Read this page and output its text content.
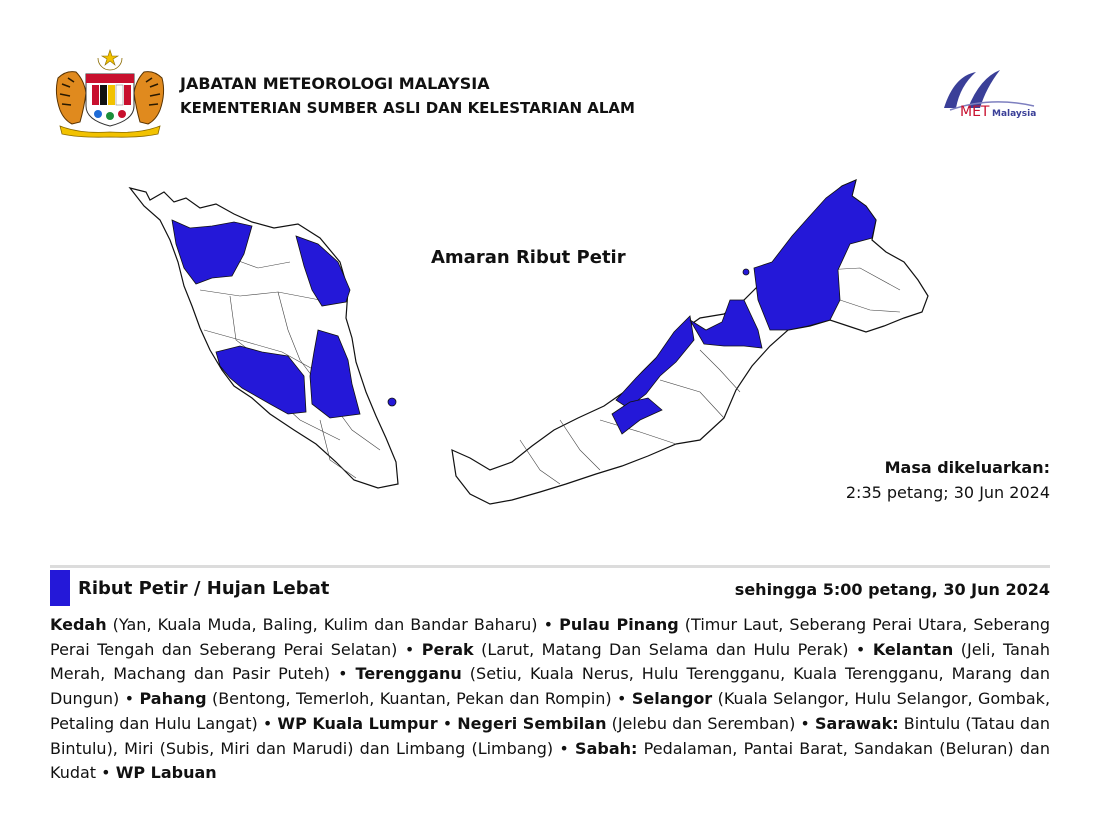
JABATAN METEOROLOGI MALAYSIA
KEMENTERIAN SUMBER ASLI DAN KELESTARIAN ALAM	MET Malaysia
Amaran Ribut Petir
Masa dikeluarkan:
2:35 petang; 30 Jun 2024
Ribut Petir / Hujan Lebat	sehingga 5:00 petang, 30 Jun 2024
Kedah (Yan, Kuala Muda, Baling, Kulim dan Bandar Baharu) • Pulau Pinang (Timur Laut, Seberang Perai Utara, Seberang Perai Tengah dan Seberang Perai Selatan) • Perak (Larut, Matang Dan Selama dan Hulu Perak) • Kelantan (Jeli, Tanah Merah, Machang dan Pasir Puteh) • Terengganu (Setiu, Kuala Nerus, Hulu Terengganu, Kuala Terengganu, Marang dan Dungun) • Pahang (Bentong, Temerloh, Kuantan, Pekan dan Rompin) • Selangor (Kuala Selangor, Hulu Selangor, Gombak, Petaling dan Hulu Langat) • WP Kuala Lumpur • Negeri Sembilan (Jelebu dan Seremban) • Sarawak: Bintulu (Tatau dan Bintulu), Miri (Subis, Miri dan Marudi) dan Limbang (Limbang) • Sabah: Pedalaman, Pantai Barat, Sandakan (Beluran) dan Kudat • WP Labuan
